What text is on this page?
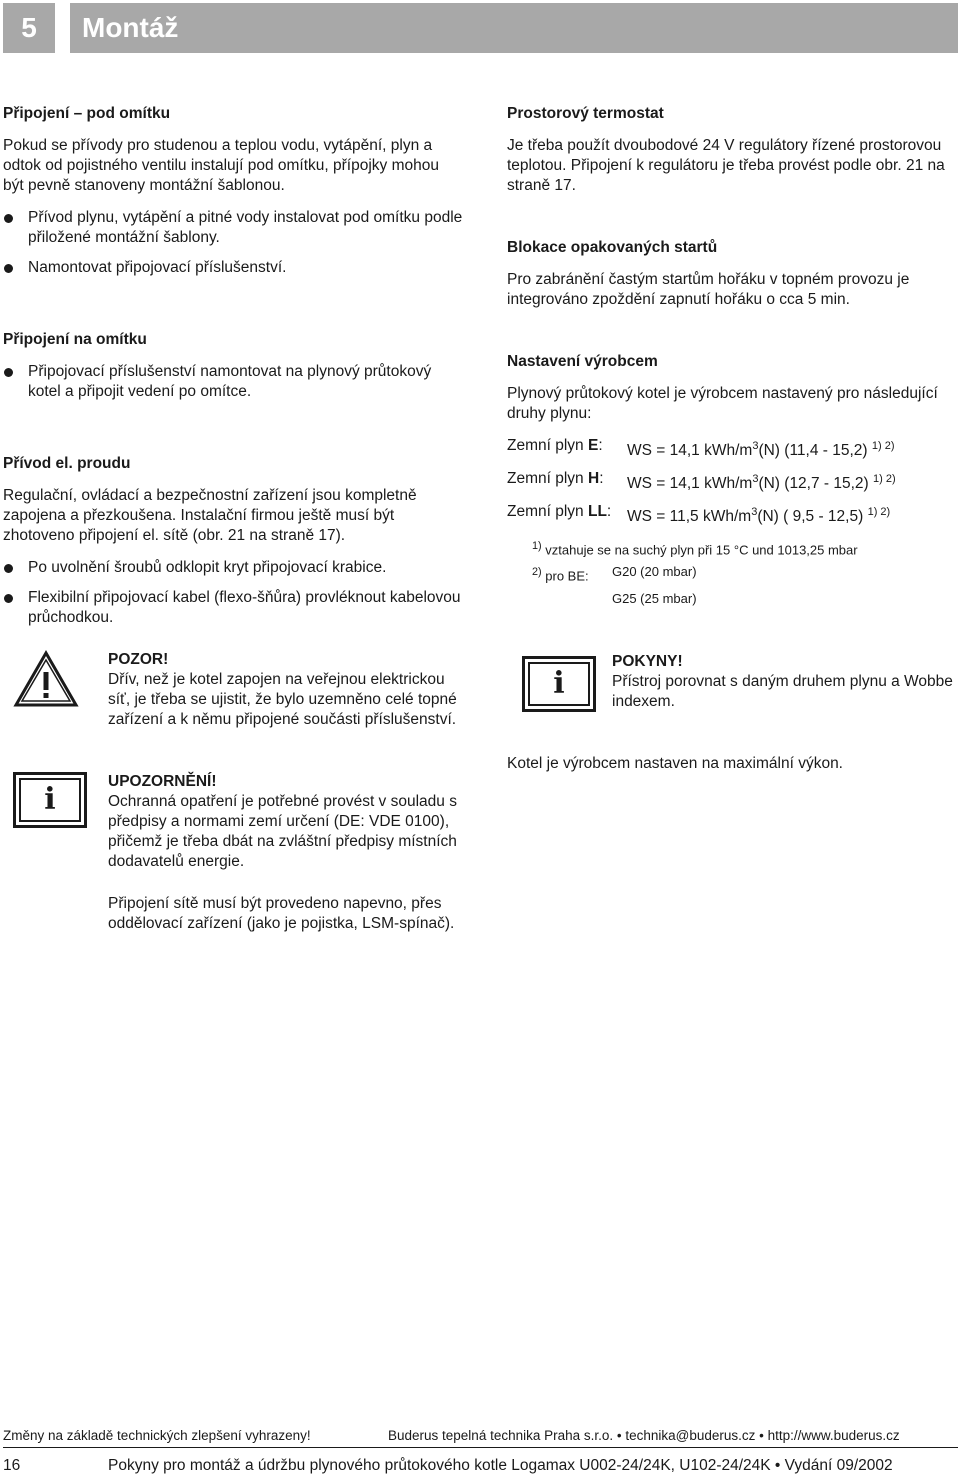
5	Montáž
Připojení – pod omítku

Pokud se přívody pro studenou a teplou vodu, vytápění, plyn a odtok od pojistného ventilu instalují pod omítku, přípojky mohou být pevně stanoveny montážní šablonou.

Přívod plynu, vytápění a pitné vody instalovat pod omítku podle přiložené montážní šablony.
Namontovat připojovací příslušenství.
Připojení na omítku
Připojovací příslušenství namontovat na plynový průtokový kotel a připojit vedení po omítce.
Přívod el. proudu

Regulační, ovládací a bezpečnostní zařízení jsou kompletně zapojena a přezkoušena. Instalační firmou ještě musí být zhotoveno připojení el. sítě (obr. 21 na straně 17).

Po uvolnění šroubů odklopit kryt připojovací krabice.
Flexibilní připojovací kabel (flexo-šňůra) provléknout kabelovou průchodkou.
POZOR!

Dřív, než je kotel zapojen na veřejnou elektrickou síť, je třeba se ujistit, že bylo uzemněno celé topné zařízení a k němu připojené součásti příslušenství.

i
UPOZORNĚNÍ!

Ochranná opatření je potřebné provést v souladu s předpisy a normami zemí určení (DE: VDE 0100), přičemž je třeba dbát na zvláštní předpisy místních dodavatelů energie.

Připojení sítě musí být provedeno napevno, přes oddělovací zařízení (jako je pojistka, LSM-spínač).

Prostorový termostat

Je třeba použít dvoubodové 24 V regulátory řízené prostorovou teplotou. Připojení k regulátoru je třeba provést podle obr. 21 na straně 17.

Blokace opakovaných startů

Pro zabránění častým startům hořáku v topném provozu je integrováno zpoždění zapnutí hořáku o cca 5 min.

Nastavení výrobcem

Plynový průtokový kotel je výrobcem nastavený pro následující druhy plynu:

Zemní plyn E:	WS = 14,1 kWh/$m^3(N)$ (11,4 - 15,2) $^{1) 2)}$
Zemní plyn H:	WS = 14,1 kWh/$m^3(N)$ (12,7 - 15,2) $^{1) 2)}$
Zemní plyn LL:	WS = 11,5 kWh/$m^3(N)$ ( 9,5 - 12,5) $^{1) 2)}$
$^{1)}$ vztahuje se na suchý plyn při 15 °C und 1013,25 mbar
$^{2)}$ pro BE:	G20 (20 mbar)
G25 (25 mbar)
i
POKYNY!

Přístroj porovnat s daným druhem plynu a Wobbe indexem.

Kotel je výrobcem nastaven na maximální výkon.

Změny na základě technických zlepšení vyhrazeny!	Buderus tepelná technika Praha s.r.o. • technika@buderus.cz • http://www.buderus.cz
16	Pokyny pro montáž a údržbu plynového průtokového kotle Logamax U002-24/24K, U102-24/24K • Vydání 09/2002
